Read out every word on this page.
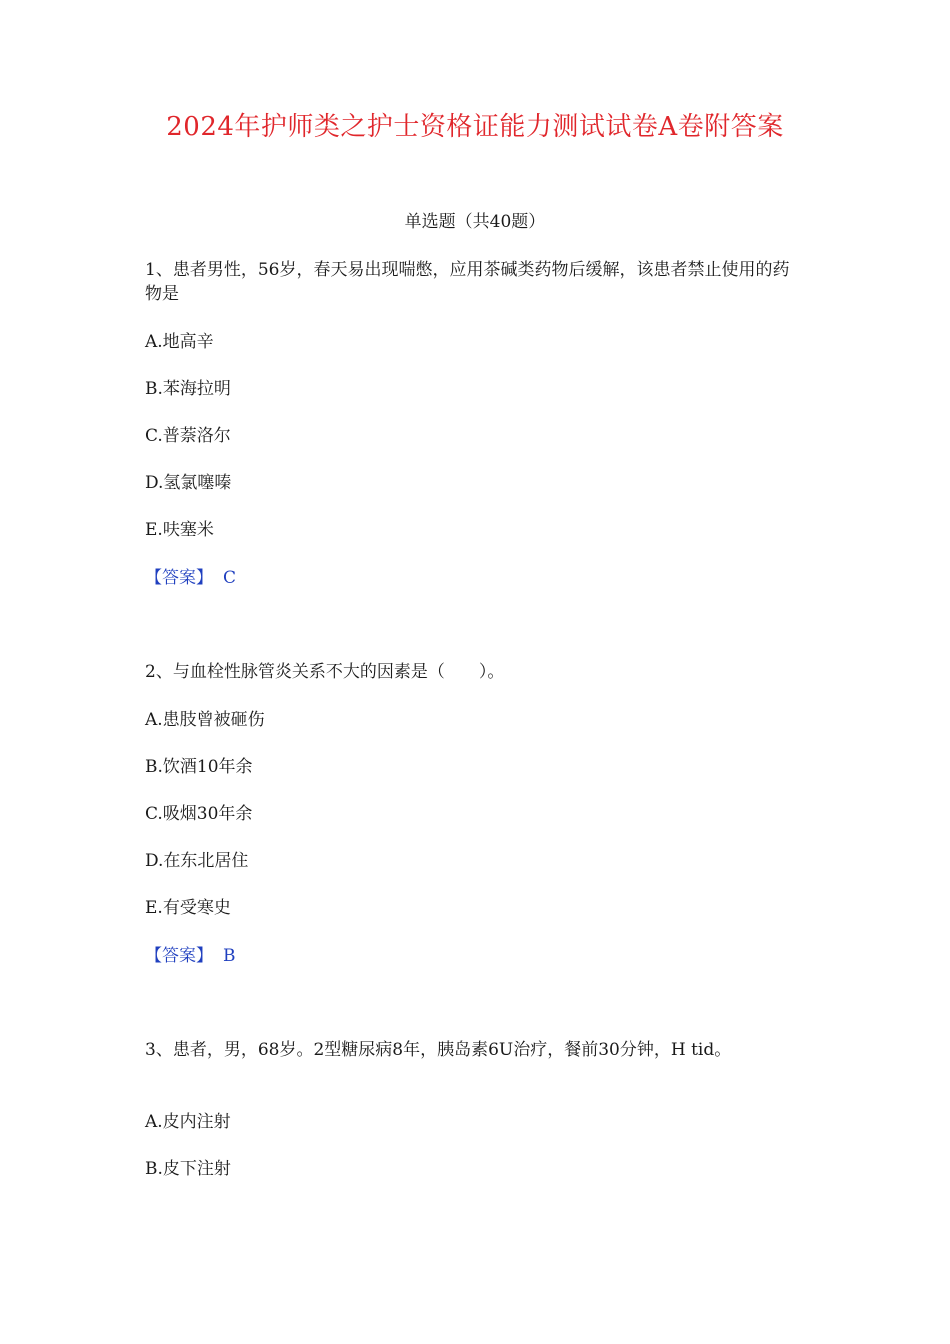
2024年护师类之护士资格证能力测试试卷A卷附答案
单选题（共40题）
1、患者男性，56岁，春天易出现喘憋，应用茶碱类药物后缓解，该患者禁止使用的药物是
A.地高辛
B.苯海拉明
C.普萘洛尔
D.氢氯噻嗪
E.呋塞米
【答案】 C
2、与血栓性脉管炎关系不大的因素是（　　）。
A.患肢曾被砸伤
B.饮酒10年余
C.吸烟30年余
D.在东北居住
E.有受寒史
【答案】 B
3、患者，男，68岁。2型糖尿病8年，胰岛素6U治疗，餐前30分钟，H tid。
A.皮内注射
B.皮下注射
